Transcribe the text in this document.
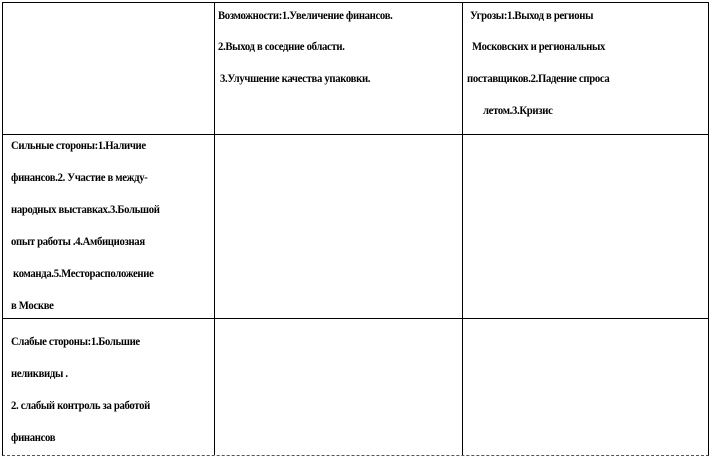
Возможности:1.Увеличение финансов.
2.Выход в соседние области.
3.Улучшение качества упаковки.
Угрозы:1.Выход в регионы
Московских и региональных
поставщиков.2.Падение спроса
летом.3.Кризис
Сильные стороны:1.Наличие
финансов.2. Участие в между-
народных выставках.3.Большой
опыт работы .4.Амбициозная
команда.5.Месторасположение
в Москве
Слабые стороны:1.Большие
неликвиды .
2. слабый контроль за работой
финансов
